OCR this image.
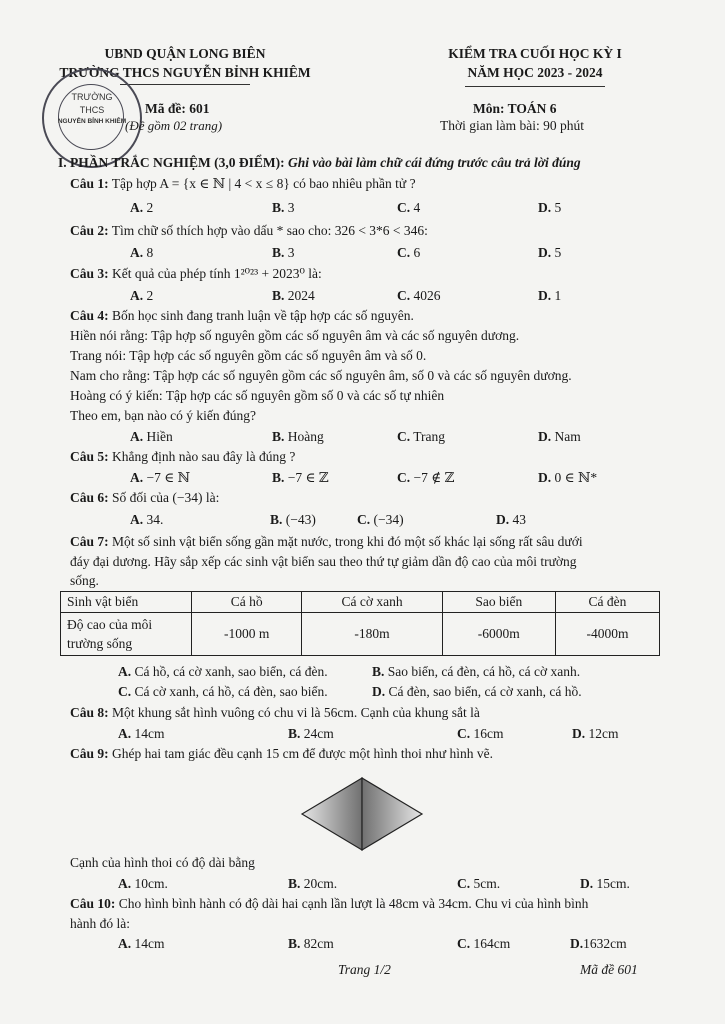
UBND QUẬN LONG BIÊN
TRƯỜNG THCS NGUYỄN BỈNH KHIÊM
TRƯỜNG
THCS
NGUYỄN BỈNH KHIÊM
Mã đề: 601
(Đề gồm 02 trang)
KIỂM TRA CUỐI HỌC KỲ I
NĂM HỌC 2023 - 2024
Môn: TOÁN 6
Thời gian làm bài: 90 phút
I. PHẦN TRẮC NGHIỆM (3,0 ĐIỂM): Ghi vào bài làm chữ cái đứng trước câu trả lời đúng
Câu 1: Tập hợp A = {x ∈ ℕ | 4 < x ≤ 8} có bao nhiêu phần tử ?
A. 2	B. 3	C. 4	D. 5
Câu 2: Tìm chữ số thích hợp vào dấu * sao cho: 326 < 3*6 < 346:
A. 8	B. 3	C. 6	D. 5
Câu 3: Kết quả của phép tính 1²⁰²³ + 2023⁰ là:
A. 2	B. 2024	C. 4026	D. 1
Câu 4: Bốn học sinh đang tranh luận về tập hợp các số nguyên.
Hiền nói rằng: Tập hợp số nguyên gồm các số nguyên âm và các số nguyên dương.
Trang nói: Tập hợp các số nguyên gồm các số nguyên âm và số 0.
Nam cho rằng: Tập hợp các số nguyên gồm các số nguyên âm, số 0 và các số nguyên dương.
Hoàng có ý kiến: Tập hợp các số nguyên gồm số 0 và các số tự nhiên
Theo em, bạn nào có ý kiến đúng?
A. Hiền	B. Hoàng	C. Trang	D. Nam
Câu 5: Khẳng định nào sau đây là đúng ?
A. −7 ∈ ℕ	B. −7 ∈ ℤ	C. −7 ∉ ℤ	D. 0 ∈ ℕ*
Câu 6: Số đối của (−34) là:
A. 34.	B. (−43)	C. (−34)	D. 43
Câu 7: Một số sinh vật biển sống gần mặt nước, trong khi đó một số khác lại sống rất sâu dưới
đáy đại dương. Hãy sắp xếp các sinh vật biển sau theo thứ tự giảm dần độ cao của môi trường
sống.
Sinh vật biển	Cá hồ	Cá cờ xanh	Sao biển	Cá đèn
Độ cao của môi trường sống	-1000 m	-180m	-6000m	-4000m
A. Cá hồ, cá cờ xanh, sao biển, cá đèn.	B. Sao biển, cá đèn, cá hồ, cá cờ xanh.
C. Cá cờ xanh, cá hồ, cá đèn, sao biển.	D. Cá đèn, sao biển, cá cờ xanh, cá hồ.
Câu 8: Một khung sắt hình vuông có chu vi là 56cm. Cạnh của khung sắt là
A. 14cm	B. 24cm	C. 16cm	D. 12cm
Câu 9: Ghép hai tam giác đều cạnh 15 cm để được một hình thoi như hình vẽ.
Cạnh của hình thoi có độ dài bằng
A. 10cm.	B. 20cm.	C. 5cm.	D. 15cm.
Câu 10: Cho hình bình hành có độ dài hai cạnh lần lượt là 48cm và 34cm. Chu vi của hình bình
hành đó là:
A. 14cm	B. 82cm	C. 164cm	D.1632cm
Trang 1/2	Mã đề 601
